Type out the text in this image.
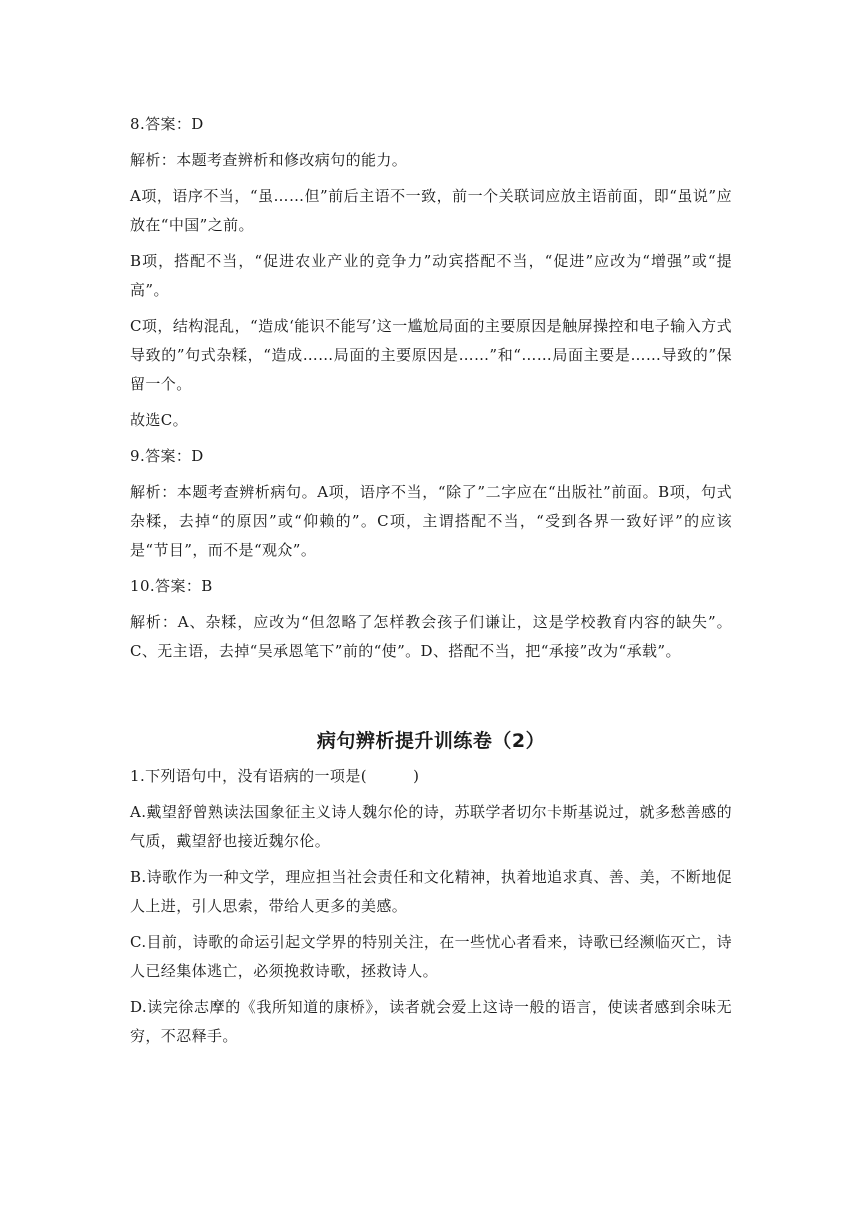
8.答案：D

解析：本题考查辨析和修改病句的能力。

A项，语序不当，“虽……但”前后主语不一致，前一个关联词应放主语前面，即“虽说”应放在“中国”之前。

B项，搭配不当，“促进农业产业的竞争力”动宾搭配不当，“促进”应改为“增强”或“提高”。

C项，结构混乱，“造成‘能识不能写’这一尴尬局面的主要原因是触屏操控和电子输入方式导致的”句式杂糅，“造成……局面的主要原因是……”和“……局面主要是……导致的”保留一个。

故选C。

9.答案：D

解析：本题考查辨析病句。A项，语序不当，“除了”二字应在“出版社”前面。B项，句式杂糅，去掉“的原因”或“仰赖的”。C项，主谓搭配不当，“受到各界一致好评”的应该是“节目”，而不是“观众”。

10.答案：B

解析：A、杂糅，应改为“但忽略了怎样教会孩子们谦让，这是学校教育内容的缺失”。C、无主语，去掉“吴承恩笔下”前的“使”。D、搭配不当，把“承接”改为“承载”。

病句辨析提升训练卷（2）

1.下列语句中，没有语病的一项是(　　　)

A.戴望舒曾熟读法国象征主义诗人魏尔伦的诗，苏联学者切尔卡斯基说过，就多愁善感的气质，戴望舒也接近魏尔伦。

B.诗歌作为一种文学，理应担当社会责任和文化精神，执着地追求真、善、美，不断地促人上进，引人思索，带给人更多的美感。

C.目前，诗歌的命运引起文学界的特别关注，在一些忧心者看来，诗歌已经濒临灭亡，诗人已经集体逃亡，必须挽救诗歌，拯救诗人。

D.读完徐志摩的《我所知道的康桥》，读者就会爱上这诗一般的语言，使读者感到余味无穷，不忍释手。
